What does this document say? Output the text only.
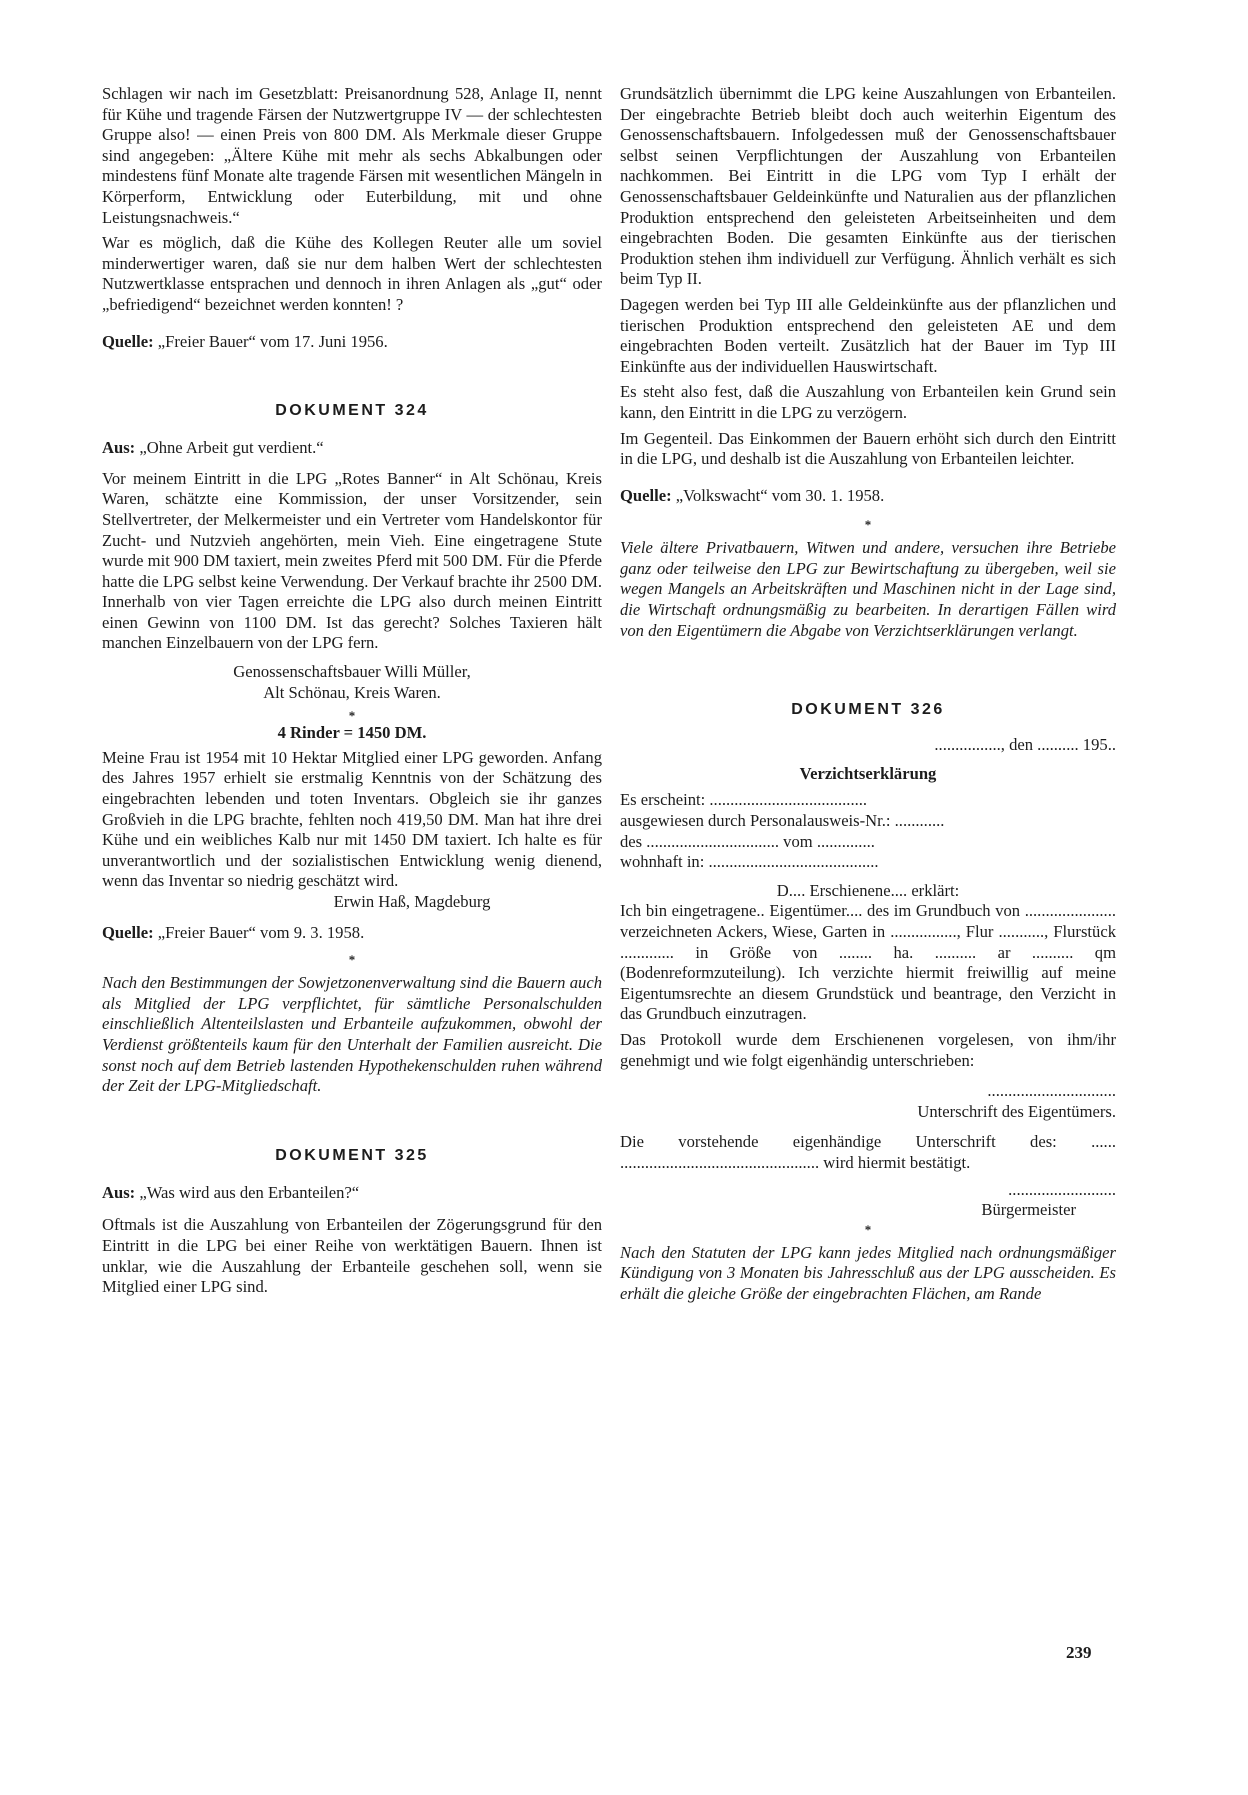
Schlagen wir nach im Gesetzblatt: Preisanordnung 528, Anlage II, nennt für Kühe und tragende Färsen der Nutzwertgruppe IV — der schlechtesten Gruppe also! — einen Preis von 800 DM. Als Merkmale dieser Gruppe sind angegeben: „Ältere Kühe mit mehr als sechs Abkalbungen oder mindestens fünf Monate alte tragende Färsen mit wesentlichen Mängeln in Körperform, Entwicklung oder Euterbildung, mit und ohne Leistungsnachweis.“

War es möglich, daß die Kühe des Kollegen Reuter alle um soviel minderwertiger waren, daß sie nur dem halben Wert der schlechtesten Nutzwertklasse entsprachen und dennoch in ihren Anlagen als „gut“ oder „befriedigend“ bezeichnet werden konnten! ?

Quelle: „Freier Bauer“ vom 17. Juni 1956.
DOKUMENT 324
Aus: „Ohne Arbeit gut verdient.“

Vor meinem Eintritt in die LPG „Rotes Banner“ in Alt Schönau, Kreis Waren, schätzte eine Kommission, der unser Vorsitzender, sein Stellvertreter, der Melkermeister und ein Vertreter vom Handelskontor für Zucht- und Nutzvieh angehörten, mein Vieh. Eine eingetragene Stute wurde mit 900 DM taxiert, mein zweites Pferd mit 500 DM. Für die Pferde hatte die LPG selbst keine Verwendung. Der Verkauf brachte ihr 2500 DM. Innerhalb von vier Tagen erreichte die LPG also durch meinen Eintritt einen Gewinn von 1100 DM. Ist das gerecht? Solches Taxieren hält manchen Einzelbauern von der LPG fern.

Genossenschaftsbauer Willi Müller,
Alt Schönau, Kreis Waren.
*
4 Rinder = 1450 DM.

Meine Frau ist 1954 mit 10 Hektar Mitglied einer LPG geworden. Anfang des Jahres 1957 erhielt sie erstmalig Kenntnis von der Schätzung des eingebrachten lebenden und toten Inventars. Obgleich sie ihr ganzes Großvieh in die LPG brachte, fehlten noch 419,50 DM. Man hat ihre drei Kühe und ein weibliches Kalb nur mit 1450 DM taxiert. Ich halte es für unverantwortlich und der sozialistischen Entwicklung wenig dienend, wenn das Inventar so niedrig geschätzt wird.

Erwin Haß, Magdeburg
Quelle: „Freier Bauer“ vom 9. 3. 1958.
*

Nach den Bestimmungen der Sowjetzonenverwaltung sind die Bauern auch als Mitglied der LPG verpflichtet, für sämtliche Personalschulden einschließlich Altenteilslasten und Erbanteile aufzukommen, obwohl der Verdienst größtenteils kaum für den Unterhalt der Familien ausreicht. Die sonst noch auf dem Betrieb lastenden Hypothekenschulden ruhen während der Zeit der LPG-Mitgliedschaft.

DOKUMENT 325
Aus: „Was wird aus den Erbanteilen?“

Oftmals ist die Auszahlung von Erbanteilen der Zögerungsgrund für den Eintritt in die LPG bei einer Reihe von werktätigen Bauern. Ihnen ist unklar, wie die Auszahlung der Erbanteile geschehen soll, wenn sie Mitglied einer LPG sind.

Grundsätzlich übernimmt die LPG keine Auszahlungen von Erbanteilen. Der eingebrachte Betrieb bleibt doch auch weiterhin Eigentum des Genossenschaftsbauern. Infolgedessen muß der Genossenschaftsbauer selbst seinen Verpflichtungen der Auszahlung von Erbanteilen nachkommen. Bei Eintritt in die LPG vom Typ I erhält der Genossenschaftsbauer Geldeinkünfte und Naturalien aus der pflanzlichen Produktion entsprechend den geleisteten Arbeitseinheiten und dem eingebrachten Boden. Die gesamten Einkünfte aus der tierischen Produktion stehen ihm individuell zur Verfügung. Ähnlich verhält es sich beim Typ II.

Dagegen werden bei Typ III alle Geldeinkünfte aus der pflanzlichen und tierischen Produktion entsprechend den geleisteten AE und dem eingebrachten Boden verteilt. Zusätzlich hat der Bauer im Typ III Einkünfte aus der individuellen Hauswirtschaft.

Es steht also fest, daß die Auszahlung von Erbanteilen kein Grund sein kann, den Eintritt in die LPG zu verzögern.

Im Gegenteil. Das Einkommen der Bauern erhöht sich durch den Eintritt in die LPG, und deshalb ist die Auszahlung von Erbanteilen leichter.

Quelle: „Volkswacht“ vom 30. 1. 1958.
*

Viele ältere Privatbauern, Witwen und andere, versuchen ihre Betriebe ganz oder teilweise den LPG zur Bewirtschaftung zu übergeben, weil sie wegen Mangels an Arbeitskräften und Maschinen nicht in der Lage sind, die Wirtschaft ordnungsmäßig zu bearbeiten. In derartigen Fällen wird von den Eigentümern die Abgabe von Verzichtserklärungen verlangt.

DOKUMENT 326
................, den .......... 195..
Verzichtserklärung
Es erscheint: ......................................
ausgewiesen durch Personalausweis-Nr.: ............
des ................................ vom ..............
wohnhaft in: .........................................
D.... Erschienene.... erklärt:

Ich bin eingetragene.. Eigentümer.... des im Grundbuch von ...................... verzeichneten Ackers, Wiese, Garten in ................, Flur ..........., Flurstück ............. in Größe von ........ ha. .......... ar .......... qm (Bodenreformzuteilung). Ich verzichte hiermit freiwillig auf meine Eigentumsrechte an diesem Grundstück und beantrage, den Verzicht in das Grundbuch einzutragen.

Das Protokoll wurde dem Erschienenen vorgelesen, von ihm/ihr genehmigt und wie folgt eigenhändig unterschrieben:

...............................
Unterschrift des Eigentümers.

Die vorstehende eigenhändige Unterschrift des: ...... ................................................ wird hiermit bestätigt.

..........................
Bürgermeister
*

Nach den Statuten der LPG kann jedes Mitglied nach ordnungsmäßiger Kündigung von 3 Monaten bis Jahresschluß aus der LPG ausscheiden. Es erhält die gleiche Größe der eingebrachten Flächen, am Rande

239
